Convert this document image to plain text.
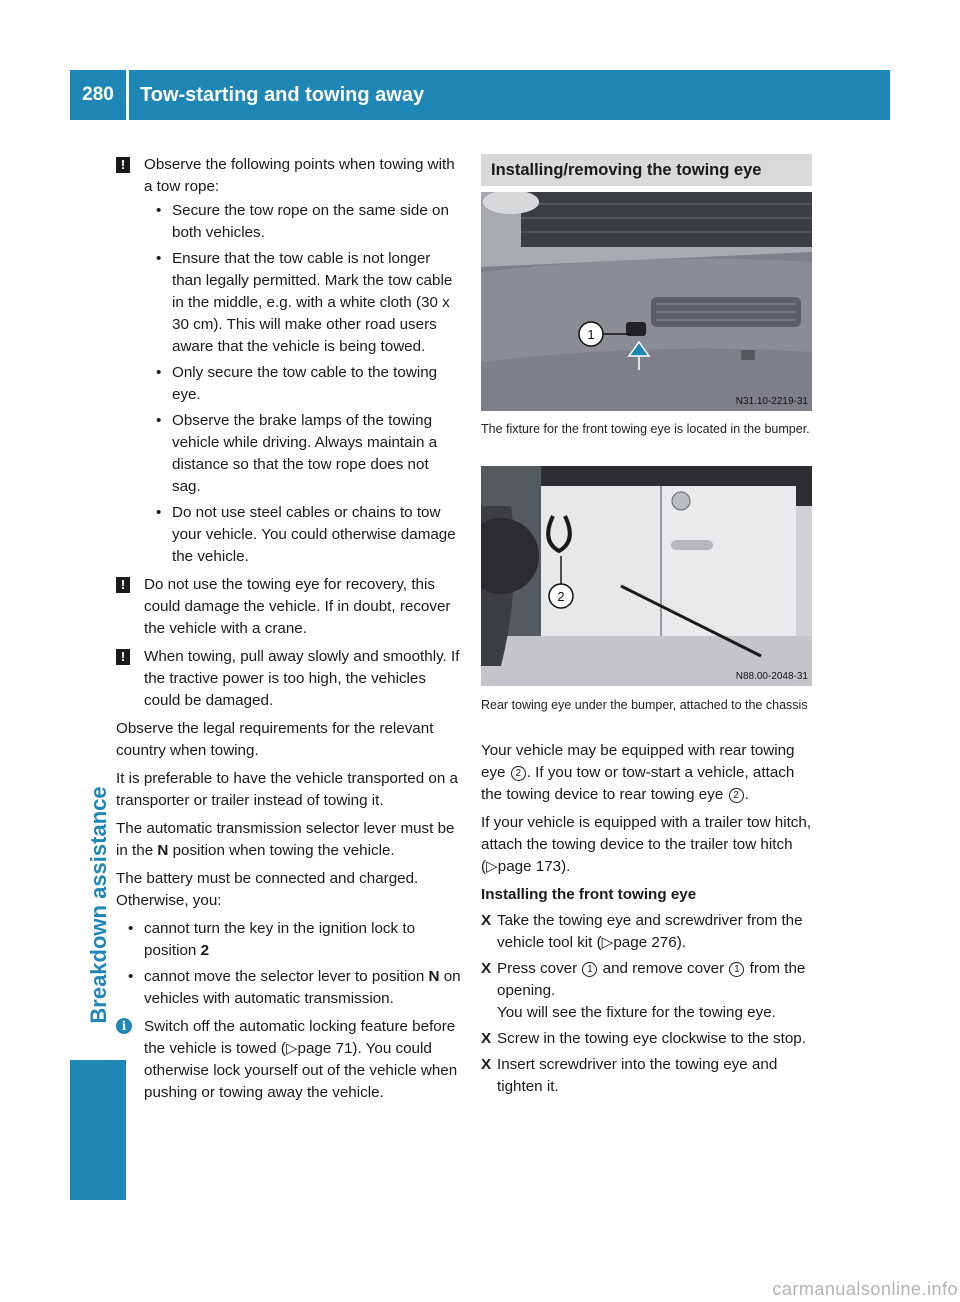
280	Tow-starting and towing away
Breakdown assistance
!	Observe the following points when towing with a tow rope:
• Secure the tow rope on the same side on both vehicles.
• Ensure that the tow cable is not longer than legally permitted. Mark the tow cable in the middle, e.g. with a white cloth (30 x 30 cm). This will make other road users aware that the vehicle is being towed.
• Only secure the tow cable to the towing eye.
• Observe the brake lamps of the towing vehicle while driving. Always maintain a distance so that the tow rope does not sag.
• Do not use steel cables or chains to tow your vehicle. You could otherwise damage the vehicle.
!	Do not use the towing eye for recovery, this could damage the vehicle. If in doubt, recover the vehicle with a crane.
!	When towing, pull away slowly and smoothly. If the tractive power is too high, the vehicles could be damaged.

Observe the legal requirements for the relevant country when towing.

It is preferable to have the vehicle transported on a transporter or trailer instead of towing it.

The automatic transmission selector lever must be in the N position when towing the vehicle.

The battery must be connected and charged. Otherwise, you:

• cannot turn the key in the ignition lock to position 2
• cannot move the selector lever to position N on vehicles with automatic transmission.
i	Switch off the automatic locking feature before the vehicle is towed (▷page 71). You could otherwise lock yourself out of the vehicle when pushing or towing away the vehicle.
Installing/removing the towing eye
1
N31.10-2219-31
The fixture for the front towing eye is located in the bumper.
2
N88.00-2048-31
Rear towing eye under the bumper, attached to the chassis

Your vehicle may be equipped with rear towing eye 2 . If you tow or tow-start a vehicle, attach the towing device to rear towing eye 2 .

If your vehicle is equipped with a trailer tow hitch, attach the towing device to the trailer tow hitch (▷page 173).

Installing the front towing eye
X Take the towing eye and screwdriver from the vehicle tool kit (▷page 276).
X Press cover 1 and remove cover 1 from the opening.
You will see the fixture for the towing eye.
X Screw in the towing eye clockwise to the stop.
X Insert screwdriver into the towing eye and tighten it.
carmanualsonline.info
